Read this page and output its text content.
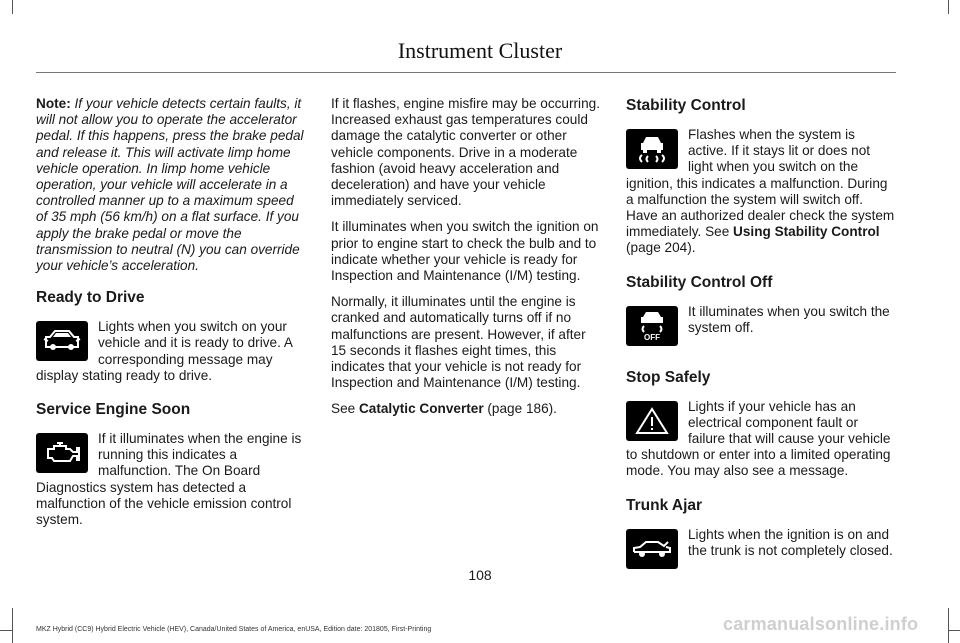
Instrument Cluster

Note: If your vehicle detects certain faults, it will not allow you to operate the accelerator pedal. If this happens, press the brake pedal and release it. This will activate limp home vehicle operation. In limp home vehicle operation, your vehicle will accelerate in a controlled manner up to a maximum speed of 35 mph (56 km/h) on a flat surface. If you apply the brake pedal or move the transmission to neutral (N) you can override your vehicle’s acceleration.

Ready to Drive
Lights when you switch on your vehicle and it is ready to drive. A corresponding message may display stating ready to drive.
Service Engine Soon
If it illuminates when the engine is running this indicates a malfunction. The On Board Diagnostics system has detected a malfunction of the vehicle emission control system.

If it flashes, engine misfire may be occurring. Increased exhaust gas temperatures could damage the catalytic converter or other vehicle components. Drive in a moderate fashion (avoid heavy acceleration and deceleration) and have your vehicle immediately serviced.

It illuminates when you switch the ignition on prior to engine start to check the bulb and to indicate whether your vehicle is ready for Inspection and Maintenance (I/M) testing.

Normally, it illuminates until the engine is cranked and automatically turns off if no malfunctions are present. However, if after 15 seconds it flashes eight times, this indicates that your vehicle is not ready for Inspection and Maintenance (I/M) testing.

See Catalytic Converter (page 186).

Stability Control
Flashes when the system is active. If it stays lit or does not light when you switch on the ignition, this indicates a malfunction. During a malfunction the system will switch off. Have an authorized dealer check the system immediately. See Using Stability Control (page 204).
Stability Control Off
OFF
It illuminates when you switch the system off.
Stop Safely
Lights if your vehicle has an electrical component fault or failure that will cause your vehicle to shutdown or enter into a limited operating mode. You may also see a message.
Trunk Ajar
Lights when the ignition is on and the trunk is not completely closed.
108
MKZ Hybrid (CC9) Hybrid Electric Vehicle (HEV), Canada/United States of America, enUSA, Edition date: 201805, First-Printing	carmanualsonline.info
